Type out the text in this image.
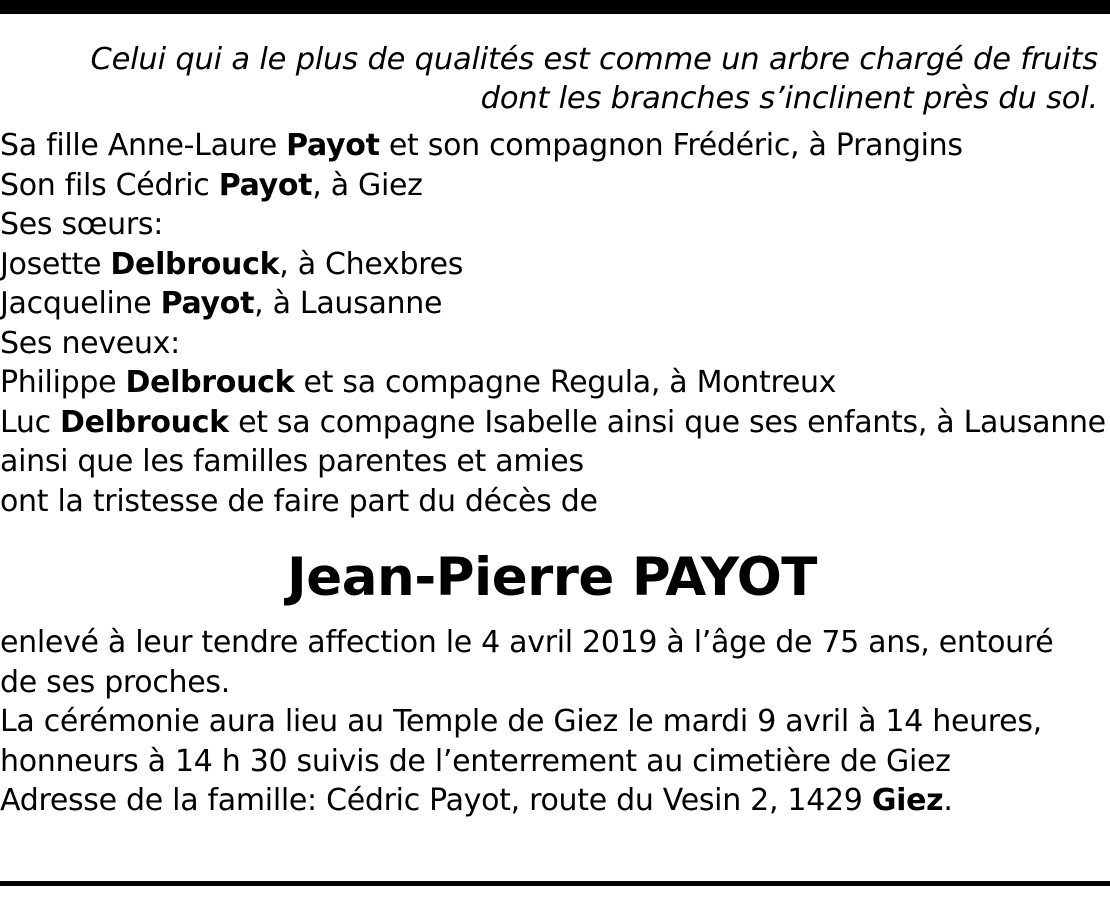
Celui qui a le plus de qualités est comme un arbre chargé de fruits
dont les branches s’inclinent près du sol.
Sa fille Anne-Laure Payot et son compagnon Frédéric, à Prangins
Son fils Cédric Payot, à Giez
Ses sœurs:
Josette Delbrouck, à Chexbres
Jacqueline Payot, à Lausanne
Ses neveux:
Philippe Delbrouck et sa compagne Regula, à Montreux
Luc Delbrouck et sa compagne Isabelle ainsi que ses enfants, à Lausanne
ainsi que les familles parentes et amies
ont la tristesse de faire part du décès de
Jean-Pierre PAYOT
enlevé à leur tendre affection le 4 avril 2019 à l’âge de 75 ans, entouré
de ses proches.
La cérémonie aura lieu au Temple de Giez le mardi 9 avril à 14 heures,
honneurs à 14 h 30 suivis de l’enterrement au cimetière de Giez
Adresse de la famille: Cédric Payot, route du Vesin 2, 1429 Giez.
